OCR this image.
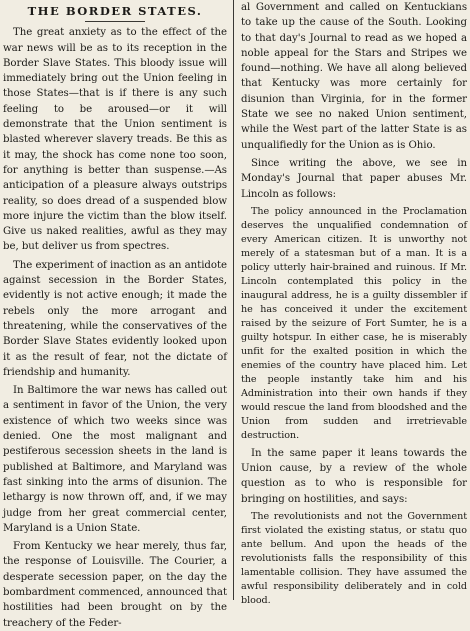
THE BORDER STATES.

The great anxiety as to the effect of the war news will be as to its reception in the Border Slave States. This bloody issue will immediately bring out the Union feeling in those States—that is if there is any such feeling to be aroused—or it will demonstrate that the Union sentiment is blasted wherever slavery treads. Be this as it may, the shock has come none too soon, for anything is better than suspense.—As anticipation of a pleasure always outstrips reality, so does dread of a suspended blow more injure the victim than the blow itself. Give us naked realities, awful as they may be, but deliver us from spectres.

The experiment of inaction as an antidote against secession in the Border States, evidently is not active enough; it made the rebels only the more arrogant and threatening, while the conservatives of the Border Slave States evidently looked upon it as the result of fear, not the dictate of friendship and humanity.

In Baltimore the war news has called out a sentiment in favor of the Union, the very existence of which two weeks since was denied. One the most malignant and pestiferous secession sheets in the land is published at Baltimore, and Maryland was fast sinking into the arms of disunion. The lethargy is now thrown off, and, if we may judge from her great commercial center, Maryland is a Union State.

From Kentucky we hear merely, thus far, the response of Louisville. The Courier, a desperate secession paper, on the day the bombardment commenced, announced that hostilities had been brought on by the treachery of the Feder-

al Government and called on Kentuckians to take up the cause of the South. Looking to that day's Journal to read as we hoped a noble appeal for the Stars and Stripes we found—nothing. We have all along believed that Kentucky was more certainly for disunion than Virginia, for in the former State we see no naked Union sentiment, while the West part of the latter State is as unqualifiedly for the Union as is Ohio.

Since writing the above, we see in Monday's Journal that paper abuses Mr. Lincoln as follows:

The policy announced in the Proclamation deserves the unqualified condemnation of every American citizen. It is unworthy not merely of a statesman but of a man. It is a policy utterly hair-brained and ruinous. If Mr. Lincoln contemplated this policy in the inaugural address, he is a guilty dissembler if he has conceived it under the excitement raised by the seizure of Fort Sumter, he is a guilty hotspur. In either case, he is miserably unfit for the exalted position in which the enemies of the country have placed him. Let the people instantly take him and his Administration into their own hands if they would rescue the land from bloodshed and the Union from sudden and irretrievable destruction.

In the same paper it leans towards the Union cause, by a review of the whole question as to who is responsible for bringing on hostilities, and says:

The revolutionists and not the Government first violated the existing status, or statu quo ante bellum. And upon the heads of the revolutionists falls the responsibility of this lamentable collision. They have assumed the awful responsibility deliberately and in cold blood.
